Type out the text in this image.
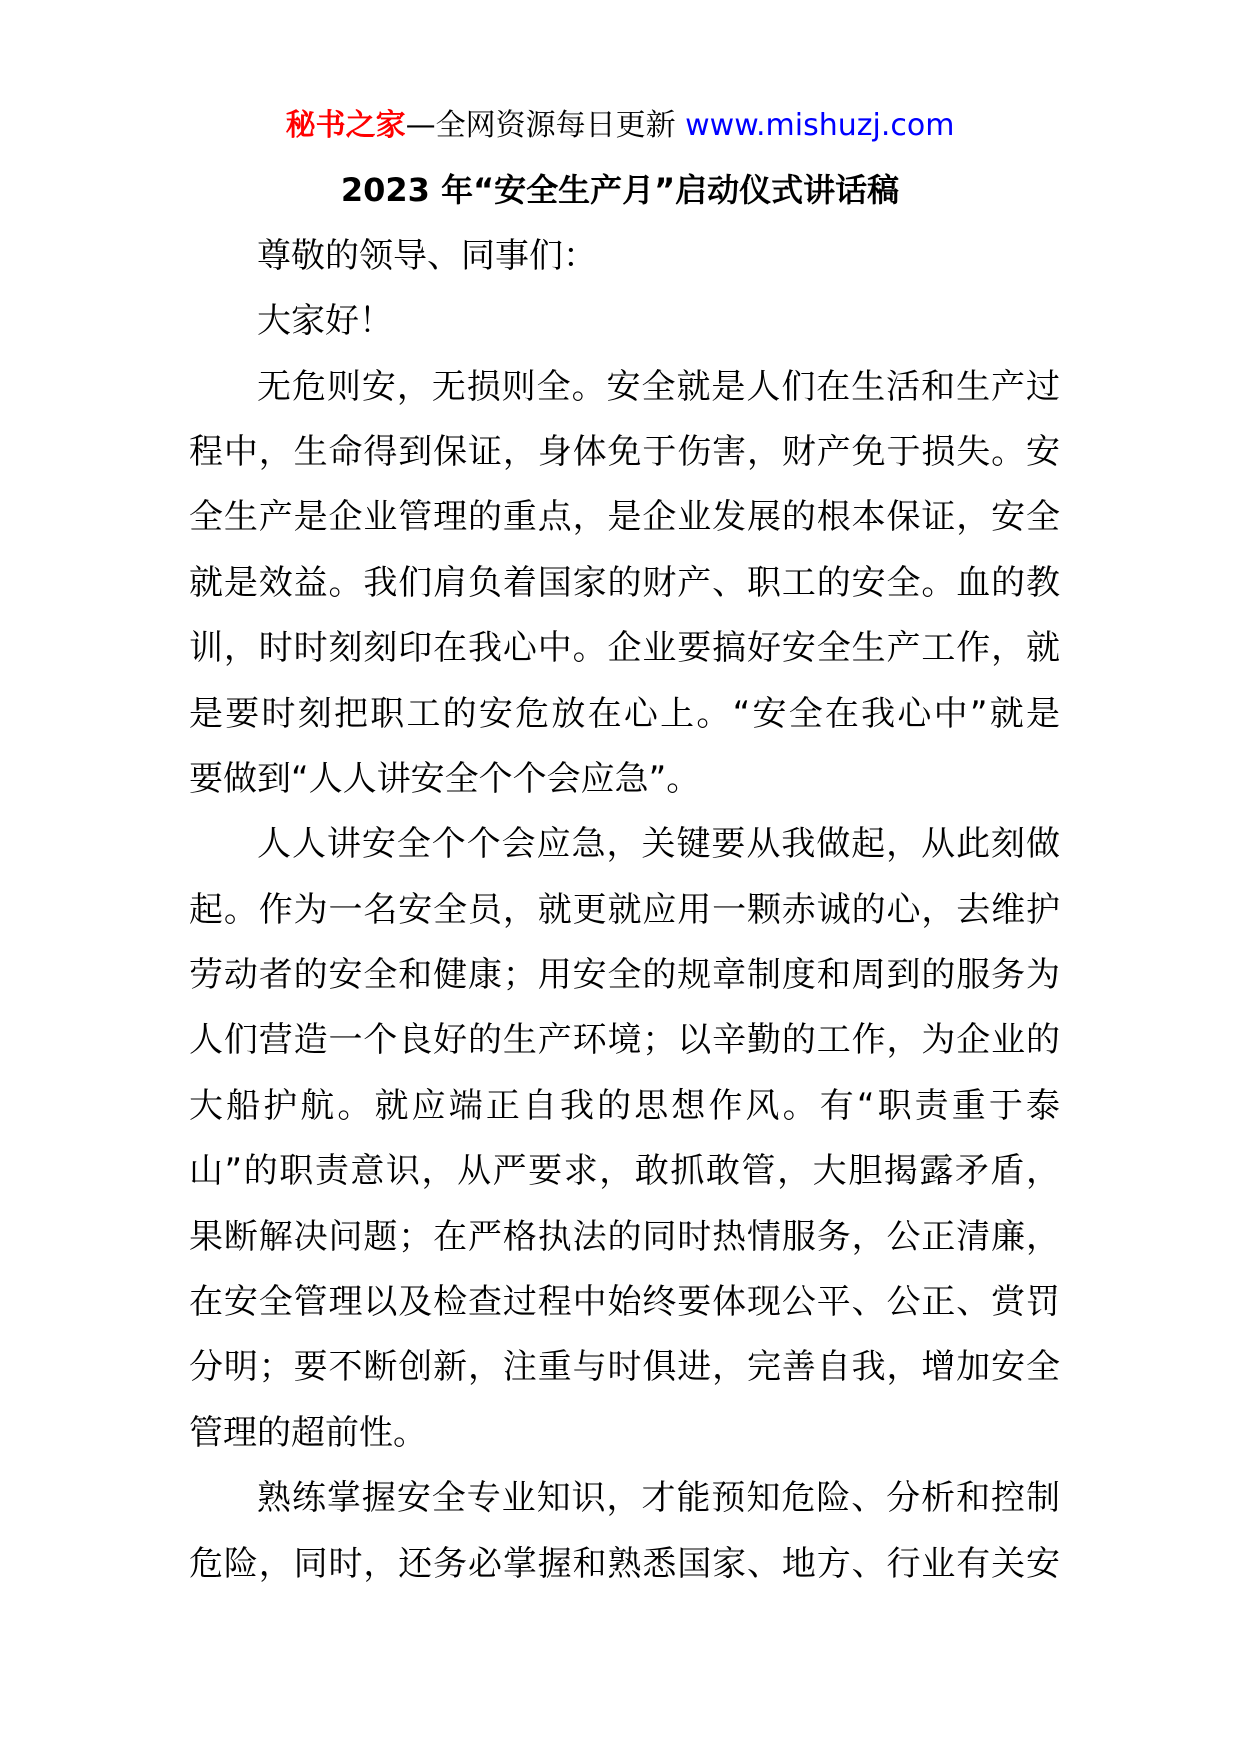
秘书之家—全网资源每日更新 www.mishuzj.com
2023 年“安全生产月”启动仪式讲话稿
尊敬的领导、同事们：
大家好！
无危则安，无损则全。安全就是人们在生活和生产过
程中，生命得到保证，身体免于伤害，财产免于损失。安
全生产是企业管理的重点，是企业发展的根本保证，安全
就是效益。我们肩负着国家的财产、职工的安全。血的教
训，时时刻刻印在我心中。企业要搞好安全生产工作，就
是要时刻把职工的安危放在心上。“安全在我心中”就是
要做到“人人讲安全个个会应急”。
人人讲安全个个会应急，关键要从我做起，从此刻做
起。作为一名安全员，就更就应用一颗赤诚的心，去维护
劳动者的安全和健康；用安全的规章制度和周到的服务为
人们营造一个良好的生产环境；以辛勤的工作，为企业的
大船护航。就应端正自我的思想作风。有“职责重于泰
山”的职责意识，从严要求，敢抓敢管，大胆揭露矛盾，
果断解决问题；在严格执法的同时热情服务，公正清廉，
在安全管理以及检查过程中始终要体现公平、公正、赏罚
分明；要不断创新，注重与时俱进，完善自我，增加安全
管理的超前性。
熟练掌握安全专业知识，才能预知危险、分析和控制
危险，同时，还务必掌握和熟悉国家、地方、行业有关安
